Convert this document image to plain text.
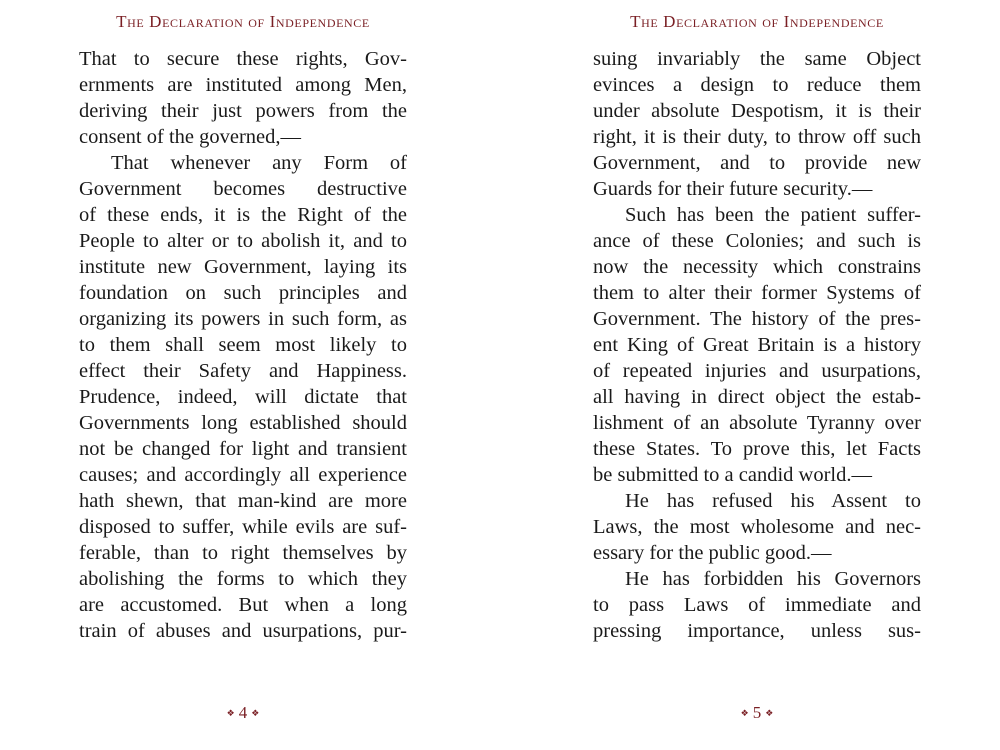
The Declaration of Independence
That to secure these rights, Gov-
ernments are instituted among Men,
deriving their just powers from the
consent of the governed,—
That whenever any Form of
Government becomes destructive
of these ends, it is the Right of the
People to alter or to abolish it, and to
institute new Government, laying its
foundation on such principles and
organizing its powers in such form, as
to them shall seem most likely to
effect their Safety and Happiness.
Prudence, indeed, will dictate that
Governments long established should
not be changed for light and transient
causes; and accordingly all experience
hath shewn, that man-kind are more
disposed to suffer, while evils are suf-
ferable, than to right themselves by
abolishing the forms to which they
are accustomed. But when a long
train of abuses and usurpations, pur-
❖ 4 ❖
The Declaration of Independence
suing invariably the same Object
evinces a design to reduce them
under absolute Despotism, it is their
right, it is their duty, to throw off such
Government, and to provide new
Guards for their future security.—
Such has been the patient suffer-
ance of these Colonies; and such is
now the necessity which constrains
them to alter their former Systems of
Government. The history of the pres-
ent King of Great Britain is a history
of repeated injuries and usurpations,
all having in direct object the estab-
lishment of an absolute Tyranny over
these States. To prove this, let Facts
be submitted to a candid world.—
He has refused his Assent to
Laws, the most wholesome and nec-
essary for the public good.—
He has forbidden his Governors
to pass Laws of immediate and
pressing importance, unless sus-
❖ 5 ❖
